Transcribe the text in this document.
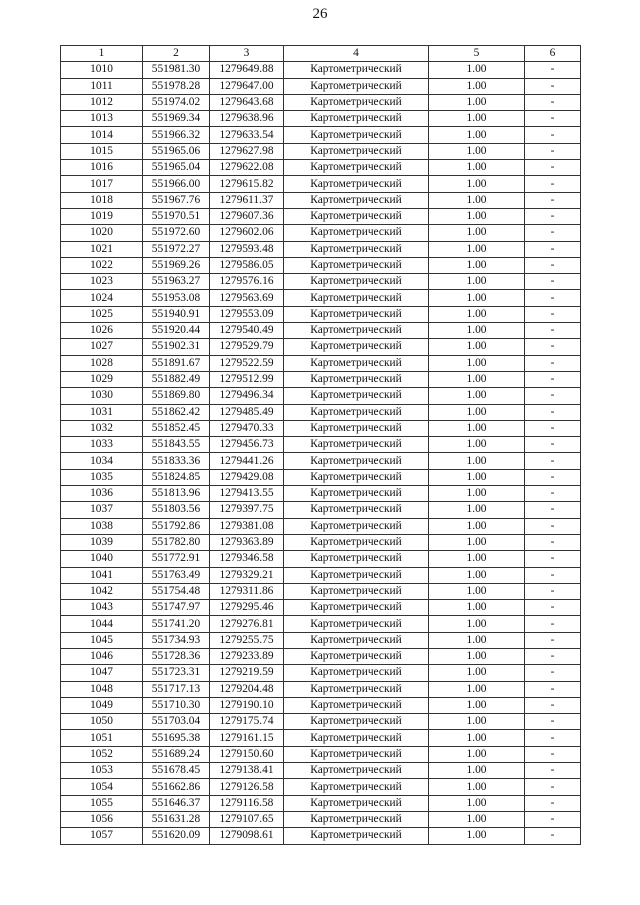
26
1	2	3	4	5	6
1010	551981.30	1279649.88	Картометрический	1.00	-
1011	551978.28	1279647.00	Картометрический	1.00	-
1012	551974.02	1279643.68	Картометрический	1.00	-
1013	551969.34	1279638.96	Картометрический	1.00	-
1014	551966.32	1279633.54	Картометрический	1.00	-
1015	551965.06	1279627.98	Картометрический	1.00	-
1016	551965.04	1279622.08	Картометрический	1.00	-
1017	551966.00	1279615.82	Картометрический	1.00	-
1018	551967.76	1279611.37	Картометрический	1.00	-
1019	551970.51	1279607.36	Картометрический	1.00	-
1020	551972.60	1279602.06	Картометрический	1.00	-
1021	551972.27	1279593.48	Картометрический	1.00	-
1022	551969.26	1279586.05	Картометрический	1.00	-
1023	551963.27	1279576.16	Картометрический	1.00	-
1024	551953.08	1279563.69	Картометрический	1.00	-
1025	551940.91	1279553.09	Картометрический	1.00	-
1026	551920.44	1279540.49	Картометрический	1.00	-
1027	551902.31	1279529.79	Картометрический	1.00	-
1028	551891.67	1279522.59	Картометрический	1.00	-
1029	551882.49	1279512.99	Картометрический	1.00	-
1030	551869.80	1279496.34	Картометрический	1.00	-
1031	551862.42	1279485.49	Картометрический	1.00	-
1032	551852.45	1279470.33	Картометрический	1.00	-
1033	551843.55	1279456.73	Картометрический	1.00	-
1034	551833.36	1279441.26	Картометрический	1.00	-
1035	551824.85	1279429.08	Картометрический	1.00	-
1036	551813.96	1279413.55	Картометрический	1.00	-
1037	551803.56	1279397.75	Картометрический	1.00	-
1038	551792.86	1279381.08	Картометрический	1.00	-
1039	551782.80	1279363.89	Картометрический	1.00	-
1040	551772.91	1279346.58	Картометрический	1.00	-
1041	551763.49	1279329.21	Картометрический	1.00	-
1042	551754.48	1279311.86	Картометрический	1.00	-
1043	551747.97	1279295.46	Картометрический	1.00	-
1044	551741.20	1279276.81	Картометрический	1.00	-
1045	551734.93	1279255.75	Картометрический	1.00	-
1046	551728.36	1279233.89	Картометрический	1.00	-
1047	551723.31	1279219.59	Картометрический	1.00	-
1048	551717.13	1279204.48	Картометрический	1.00	-
1049	551710.30	1279190.10	Картометрический	1.00	-
1050	551703.04	1279175.74	Картометрический	1.00	-
1051	551695.38	1279161.15	Картометрический	1.00	-
1052	551689.24	1279150.60	Картометрический	1.00	-
1053	551678.45	1279138.41	Картометрический	1.00	-
1054	551662.86	1279126.58	Картометрический	1.00	-
1055	551646.37	1279116.58	Картометрический	1.00	-
1056	551631.28	1279107.65	Картометрический	1.00	-
1057	551620.09	1279098.61	Картометрический	1.00	-
